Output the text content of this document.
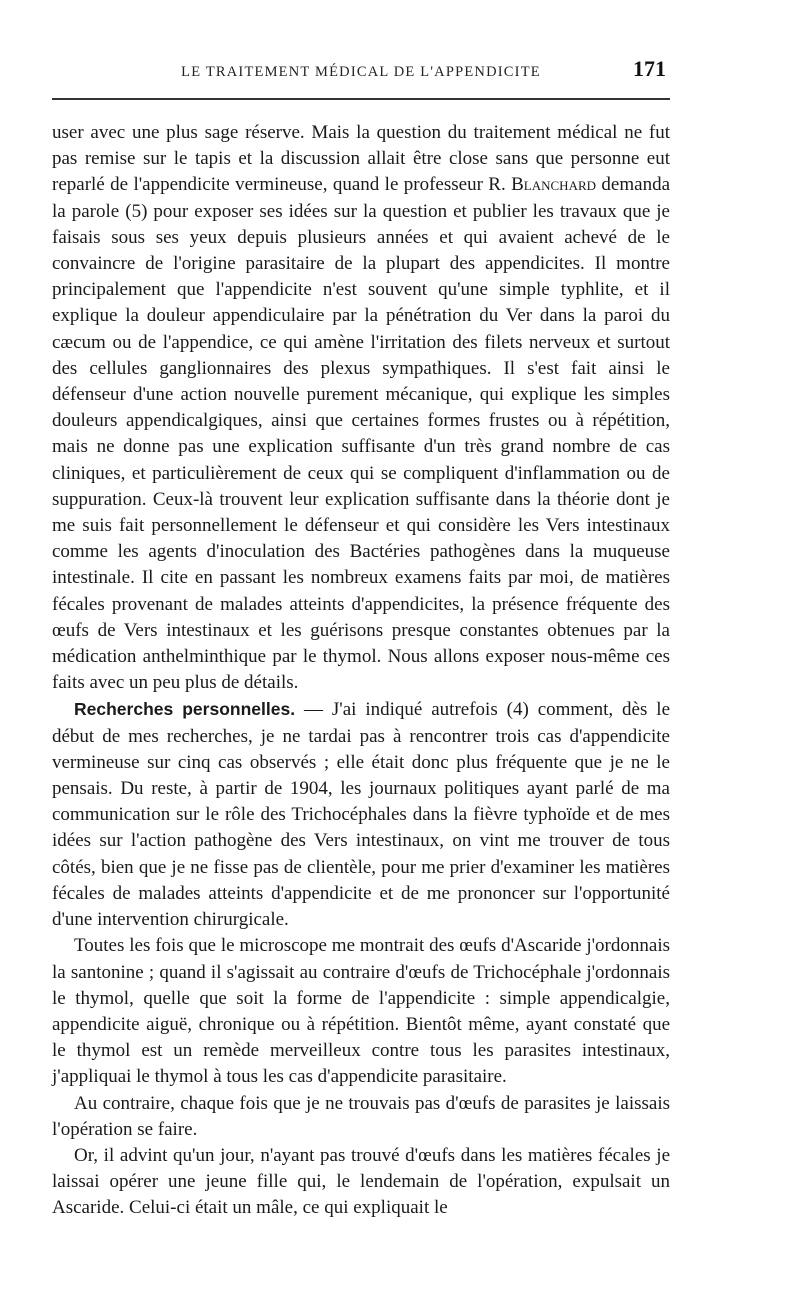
LE TRAITEMENT MÉDICAL DE L'APPENDICITE	171

user avec une plus sage réserve. Mais la question du traitement médical ne fut pas remise sur le tapis et la discussion allait être close sans que personne eut reparlé de l'appendicite vermineuse, quand le professeur R. Blanchard demanda la parole (5) pour exposer ses idées sur la question et publier les travaux que je faisais sous ses yeux depuis plusieurs années et qui avaient achevé de le convaincre de l'origine parasitaire de la plupart des appendicites. Il montre principalement que l'appendicite n'est souvent qu'une simple typhlite, et il explique la douleur appendiculaire par la pénétration du Ver dans la paroi du cæcum ou de l'appendice, ce qui amène l'irritation des filets nerveux et surtout des cellules ganglionnaires des plexus sympathiques. Il s'est fait ainsi le défenseur d'une action nouvelle purement mécanique, qui explique les simples douleurs appendicalgiques, ainsi que certaines formes frustes ou à répétition, mais ne donne pas une explication suffisante d'un très grand nombre de cas cliniques, et particulièrement de ceux qui se compliquent d'inflammation ou de suppuration. Ceux-là trouvent leur explication suffisante dans la théorie dont je me suis fait personnellement le défenseur et qui considère les Vers intestinaux comme les agents d'inoculation des Bactéries pathogènes dans la muqueuse intestinale. Il cite en passant les nombreux examens faits par moi, de matières fécales provenant de malades atteints d'appendicites, la présence fréquente des œufs de Vers intestinaux et les guérisons presque constantes obtenues par la médication anthelminthique par le thymol. Nous allons exposer nous-même ces faits avec un peu plus de détails.

Recherches personnelles. — J'ai indiqué autrefois (4) comment, dès le début de mes recherches, je ne tardai pas à rencontrer trois cas d'appendicite vermineuse sur cinq cas observés ; elle était donc plus fréquente que je ne le pensais. Du reste, à partir de 1904, les journaux politiques ayant parlé de ma communication sur le rôle des Trichocéphales dans la fièvre typhoïde et de mes idées sur l'action pathogène des Vers intestinaux, on vint me trouver de tous côtés, bien que je ne fisse pas de clientèle, pour me prier d'examiner les matières fécales de malades atteints d'appendicite et de me prononcer sur l'opportunité d'une intervention chirurgicale.

Toutes les fois que le microscope me montrait des œufs d'Ascaride j'ordonnais la santonine ; quand il s'agissait au contraire d'œufs de Trichocéphale j'ordonnais le thymol, quelle que soit la forme de l'appendicite : simple appendicalgie, appendicite aiguë, chronique ou à répétition. Bientôt même, ayant constaté que le thymol est un remède merveilleux contre tous les parasites intestinaux, j'appliquai le thymol à tous les cas d'appendicite parasitaire.

Au contraire, chaque fois que je ne trouvais pas d'œufs de parasites je laissais l'opération se faire.

Or, il advint qu'un jour, n'ayant pas trouvé d'œufs dans les matières fécales je laissai opérer une jeune fille qui, le lendemain de l'opération, expulsait un Ascaride. Celui-ci était un mâle, ce qui expliquait le
